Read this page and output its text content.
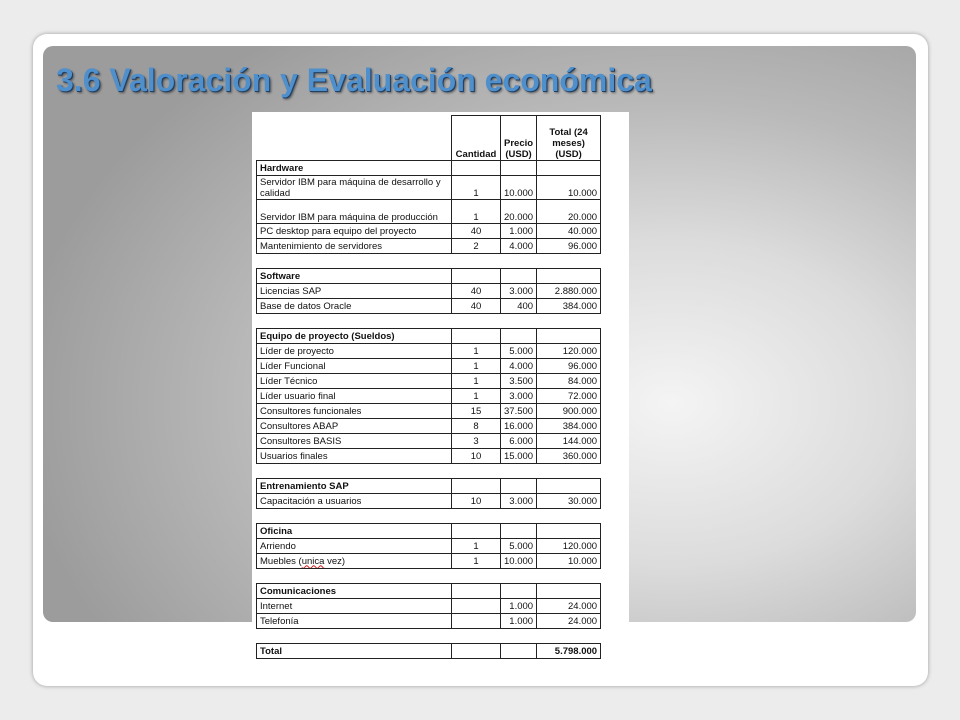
3.6 Valoración y Evaluación económica
	Cantidad	Precio (USD)	Total (24 meses) (USD)
Hardware			
Servidor IBM para máquina de desarrollo y calidad	1	10.000	10.000
Servidor IBM para máquina de producción	1	20.000	20.000
PC desktop para equipo del proyecto	40	1.000	40.000
Mantenimiento de servidores	2	4.000	96.000

Software			
Licencias SAP	40	3.000	2.880.000
Base de datos Oracle	40	400	384.000

Equipo de proyecto (Sueldos)			
Líder de proyecto	1	5.000	120.000
Líder Funcional	1	4.000	96.000
Líder Técnico	1	3.500	84.000
Líder usuario final	1	3.000	72.000
Consultores funcionales	15	37.500	900.000
Consultores ABAP	8	16.000	384.000
Consultores BASIS	3	6.000	144.000
Usuarios finales	10	15.000	360.000

Entrenamiento SAP			
Capacitación a usuarios	10	3.000	30.000

Oficina			
Arriendo	1	5.000	120.000
Muebles (unica vez)	1	10.000	10.000

Comunicaciones			
Internet		1.000	24.000
Telefonía		1.000	24.000

Total			5.798.000
